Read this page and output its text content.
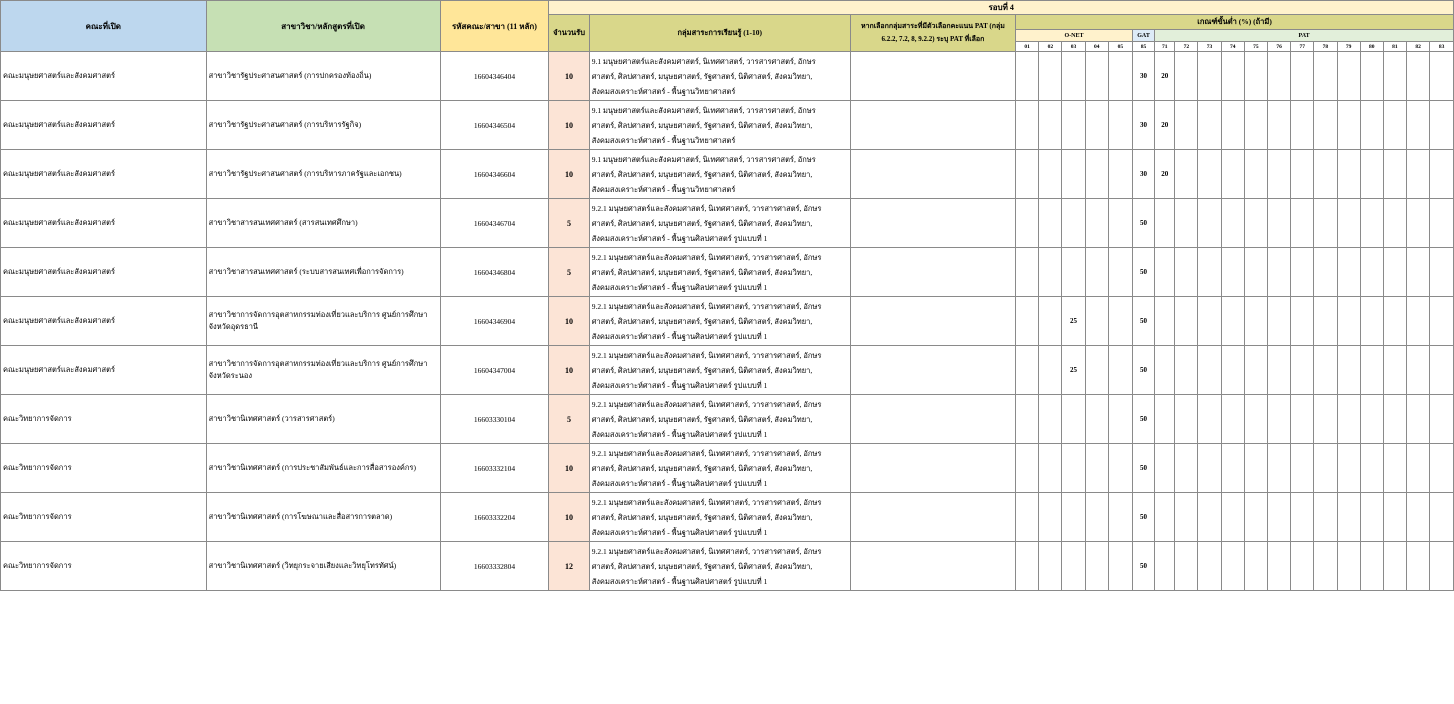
คณะที่เปิด	สาขาวิชา/หลักสูตรที่เปิด	รหัสคณะ/สาขา (11 หลัก)	รอบที่ 4																					
			จำนวนรับ	กลุ่มสาระการเรียนรู้ (1-10)	หากเลือกกลุ่มสาระที่มีตัวเลือกคะแนน PAT (กลุ่ม 6.2.2, 7.2, 8, 9.2.2) ระบุ PAT ที่เลือก	เกณฑ์ขั้นต่ำ (%) (ถ้ามี)																		
						O-NET					GAT	PAT												
						01	02	03	04	05	85	71	72	73	74	75	76	77	78	79	80	81	82	83
คณะมนุษยศาสตร์และสังคมศาสตร์	สาขาวิชารัฐประศาสนศาสตร์ (การปกครองท้องถิ่น)	16604346404	10	9.1 มนุษยศาสตร์และสังคมศาสตร์, นิเทศศาสตร์, วารสารศาสตร์, อักษร
ศาสตร์, ศิลปศาสตร์, มนุษยศาสตร์, รัฐศาสตร์, นิติศาสตร์, สังคมวิทยา,
สังคมสงเคราะห์ศาสตร์ - พื้นฐานวิทยาศาสตร์							30	20												
คณะมนุษยศาสตร์และสังคมศาสตร์	สาขาวิชารัฐประศาสนศาสตร์ (การบริหารรัฐกิจ)	16604346504	10	9.1 มนุษยศาสตร์และสังคมศาสตร์, นิเทศศาสตร์, วารสารศาสตร์, อักษร
ศาสตร์, ศิลปศาสตร์, มนุษยศาสตร์, รัฐศาสตร์, นิติศาสตร์, สังคมวิทยา,
สังคมสงเคราะห์ศาสตร์ - พื้นฐานวิทยาศาสตร์							30	20												
คณะมนุษยศาสตร์และสังคมศาสตร์	สาขาวิชารัฐประศาสนศาสตร์ (การบริหารภาครัฐและเอกชน)	16604346604	10	9.1 มนุษยศาสตร์และสังคมศาสตร์, นิเทศศาสตร์, วารสารศาสตร์, อักษร
ศาสตร์, ศิลปศาสตร์, มนุษยศาสตร์, รัฐศาสตร์, นิติศาสตร์, สังคมวิทยา,
สังคมสงเคราะห์ศาสตร์ - พื้นฐานวิทยาศาสตร์							30	20												
คณะมนุษยศาสตร์และสังคมศาสตร์	สาขาวิชาสารสนเทศศาสตร์ (สารสนเทศศึกษา)	16604346704	5	9.2.1 มนุษยศาสตร์และสังคมศาสตร์, นิเทศศาสตร์, วารสารศาสตร์, อักษร
ศาสตร์, ศิลปศาสตร์, มนุษยศาสตร์, รัฐศาสตร์, นิติศาสตร์, สังคมวิทยา,
สังคมสงเคราะห์ศาสตร์ - พื้นฐานศิลปศาสตร์ รูปแบบที่ 1							50													
คณะมนุษยศาสตร์และสังคมศาสตร์	สาขาวิชาสารสนเทศศาสตร์ (ระบบสารสนเทศเพื่อการจัดการ)	16604346804	5	9.2.1 มนุษยศาสตร์และสังคมศาสตร์, นิเทศศาสตร์, วารสารศาสตร์, อักษร
ศาสตร์, ศิลปศาสตร์, มนุษยศาสตร์, รัฐศาสตร์, นิติศาสตร์, สังคมวิทยา,
สังคมสงเคราะห์ศาสตร์ - พื้นฐานศิลปศาสตร์ รูปแบบที่ 1							50													
คณะมนุษยศาสตร์และสังคมศาสตร์	สาขาวิชาการจัดการอุตสาหกรรมท่องเที่ยวและบริการ ศูนย์การศึกษาจังหวัดอุดรธานี	16604346904	10	9.2.1 มนุษยศาสตร์และสังคมศาสตร์, นิเทศศาสตร์, วารสารศาสตร์, อักษร
ศาสตร์, ศิลปศาสตร์, มนุษยศาสตร์, รัฐศาสตร์, นิติศาสตร์, สังคมวิทยา,
สังคมสงเคราะห์ศาสตร์ - พื้นฐานศิลปศาสตร์ รูปแบบที่ 1				25			50													
คณะมนุษยศาสตร์และสังคมศาสตร์	สาขาวิชาการจัดการอุตสาหกรรมท่องเที่ยวและบริการ ศูนย์การศึกษาจังหวัดระนอง	16604347004	10	9.2.1 มนุษยศาสตร์และสังคมศาสตร์, นิเทศศาสตร์, วารสารศาสตร์, อักษร
ศาสตร์, ศิลปศาสตร์, มนุษยศาสตร์, รัฐศาสตร์, นิติศาสตร์, สังคมวิทยา,
สังคมสงเคราะห์ศาสตร์ - พื้นฐานศิลปศาสตร์ รูปแบบที่ 1				25			50													
คณะวิทยาการจัดการ	สาขาวิชานิเทศศาสตร์ (วารสารศาสตร์)	16603330104	5	9.2.1 มนุษยศาสตร์และสังคมศาสตร์, นิเทศศาสตร์, วารสารศาสตร์, อักษร
ศาสตร์, ศิลปศาสตร์, มนุษยศาสตร์, รัฐศาสตร์, นิติศาสตร์, สังคมวิทยา,
สังคมสงเคราะห์ศาสตร์ - พื้นฐานศิลปศาสตร์ รูปแบบที่ 1							50													
คณะวิทยาการจัดการ	สาขาวิชานิเทศศาสตร์ (การประชาสัมพันธ์และการสื่อสารองค์กร)	16603332104	10	9.2.1 มนุษยศาสตร์และสังคมศาสตร์, นิเทศศาสตร์, วารสารศาสตร์, อักษร
ศาสตร์, ศิลปศาสตร์, มนุษยศาสตร์, รัฐศาสตร์, นิติศาสตร์, สังคมวิทยา,
สังคมสงเคราะห์ศาสตร์ - พื้นฐานศิลปศาสตร์ รูปแบบที่ 1							50													
คณะวิทยาการจัดการ	สาขาวิชานิเทศศาสตร์ (การโฆษณาและสื่อสารการตลาด)	16603332204	10	9.2.1 มนุษยศาสตร์และสังคมศาสตร์, นิเทศศาสตร์, วารสารศาสตร์, อักษร
ศาสตร์, ศิลปศาสตร์, มนุษยศาสตร์, รัฐศาสตร์, นิติศาสตร์, สังคมวิทยา,
สังคมสงเคราะห์ศาสตร์ - พื้นฐานศิลปศาสตร์ รูปแบบที่ 1							50													
คณะวิทยาการจัดการ	สาขาวิชานิเทศศาสตร์ (วิทยุกระจายเสียงและวิทยุโทรทัศน์)	16603332804	12	9.2.1 มนุษยศาสตร์และสังคมศาสตร์, นิเทศศาสตร์, วารสารศาสตร์, อักษร
ศาสตร์, ศิลปศาสตร์, มนุษยศาสตร์, รัฐศาสตร์, นิติศาสตร์, สังคมวิทยา,
สังคมสงเคราะห์ศาสตร์ - พื้นฐานศิลปศาสตร์ รูปแบบที่ 1							50													
